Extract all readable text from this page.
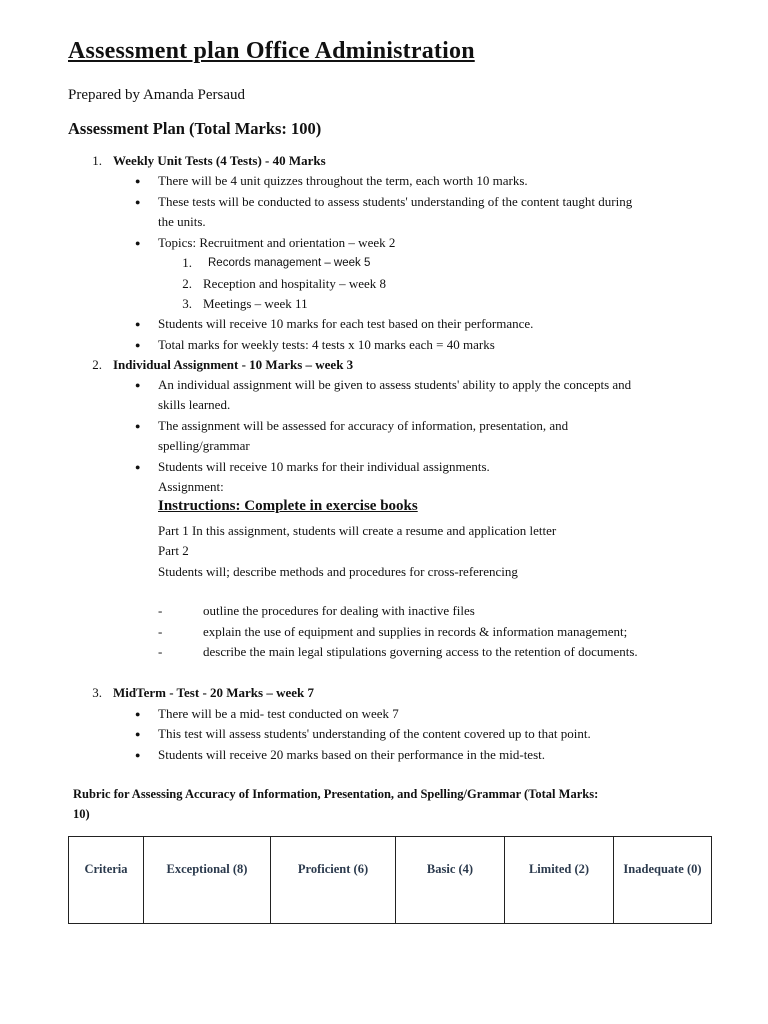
Assessment plan Office Administration
Prepared by Amanda Persaud
Assessment Plan (Total Marks: 100)
1. Weekly Unit Tests (4 Tests) - 40 Marks
● There will be 4 unit quizzes throughout the term, each worth 10 marks.
● These tests will be conducted to assess students' understanding of the content taught during
the units.
● Topics: Recruitment and orientation – week 2
1. Records management – week 5
2. Reception and hospitality – week 8
3. Meetings – week 11
● Students will receive 10 marks for each test based on their performance.
● Total marks for weekly tests: 4 tests x 10 marks each = 40 marks
2. Individual Assignment - 10 Marks – week 3
● An individual assignment will be given to assess students' ability to apply the concepts and
skills learned.
● The assignment will be assessed for accuracy of information, presentation, and
spelling/grammar
● Students will receive 10 marks for their individual assignments.
Assignment:
Instructions: Complete in exercise books
Part 1 In this assignment, students will create a resume and application letter
Part 2
Students will; describe methods and procedures for cross-referencing
-	outline the procedures for dealing with inactive files
-	explain the use of equipment and supplies in records & information management;
-	describe the main legal stipulations governing access to the retention of documents.
3. MidTerm - Test - 20 Marks – week 7
● There will be a mid- test conducted on week 7
● This test will assess students' understanding of the content covered up to that point.
● Students will receive 20 marks based on their performance in the mid-test.
Rubric for Assessing Accuracy of Information, Presentation, and Spelling/Grammar (Total Marks:
10)
Criteria	Exceptional (8)	Proficient (6)	Basic (4)	Limited (2)	Inadequate (0)
